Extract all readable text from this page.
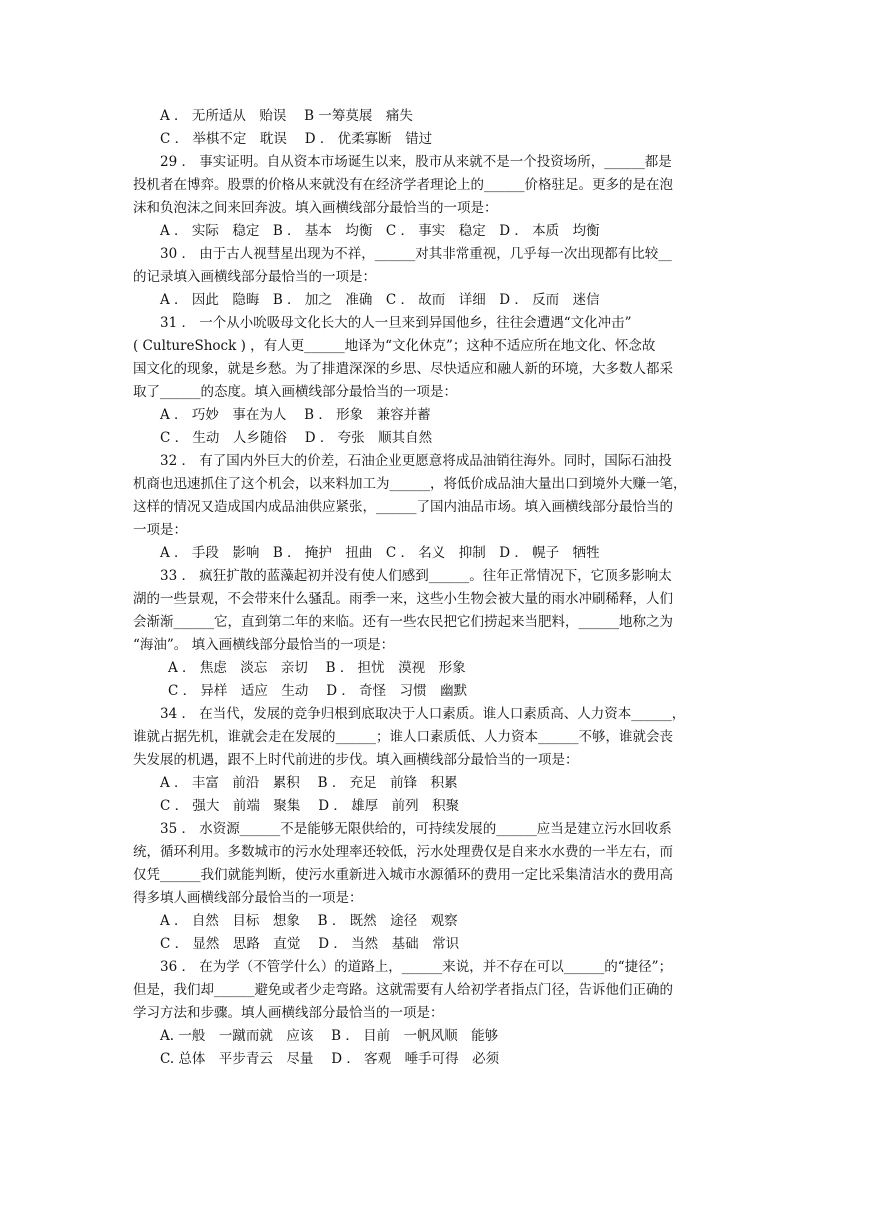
A ． 无所适从　贻误　 B 一筹莫展　痛失
C ． 举棋不定　耽误　 D ． 优柔寡断　错过
29 ． 事实证明。自从资本市场诞生以来，股市从来就不是一个投资场所，______都是
投机者在博弈。股票的价格从来就没有在经济学者理论上的______价格驻足。更多的是在泡
沫和负泡沫之间来回奔波。填入画横线部分最恰当的一项是：
A ． 实际　稳定　B ． 基本　均衡　C ． 事实　稳定　D ． 本质　均衡
30 ． 由于古人视彗星出现为不祥，______对其非常重视，几乎每一次出现都有比较__
的记录填入画横线部分最恰当的一项是：
A ． 因此　隐晦　B ． 加之　准确　C ． 故而　详细　D ． 反而　迷信
31 ． 一个从小吮吸母文化长大的人一旦来到异国他乡，往往会遭遇“文化冲击”
( CultureShock ) ，有人更______地译为“文化休克”；这种不适应所在地文化、怀念故
国文化的现象，就是乡愁。为了排遣深深的乡思、尽快适应和融人新的环境，大多数人都采
取了______的态度。填入画横线部分最恰当的一项是：
A ． 巧妙　事在为人　 B ． 形象　兼容并蓄
C ． 生动　人乡随俗　 D ． 夸张　顺其自然
32 ． 有了国内外巨大的价差，石油企业更愿意将成品油销往海外。同时，国际石油投
机商也迅速抓住了这个机会，以来料加工为______，将低价成品油大量出口到境外大赚一笔，
这样的情况又造成国内成品油供应紧张，______了国内油品市场。填入画横线部分最恰当的
一项是：
A ． 手段　影响　B ． 掩护　扭曲　C ． 名义　抑制　D ． 幌子　牺牲
33 ． 疯狂扩散的蓝藻起初并没有使人们感到______。往年正常情况下，它顶多影响太
湖的一些景观，不会带来什么骚乱。雨季一来，这些小生物会被大量的雨水冲刷稀释，人们
会渐渐______它，直到第二年的来临。还有一些农民把它们捞起来当肥料，______地称之为
“海油”。 填入画横线部分最恰当的一项是：
A ． 焦虑　淡忘　亲切　 B ． 担忧　漠视　形象
C ． 异样　适应　生动　 D ． 奇怪　习惯　幽默
34 ． 在当代，发展的竞争归根到底取决于人口素质。谁人口素质高、人力资本______，
谁就占据先机，谁就会走在发展的______；谁人口素质低、人力资本______不够，谁就会丧
失发展的机遇，跟不上时代前进的步伐。填入画横线部分最恰当的一项是：
A ． 丰富　前沿　累积　 B ． 充足　前锋　积累
C ． 强大　前端　聚集　 D ． 雄厚　前列　积聚
35 ． 水资源______不是能够无限供给的，可持续发展的______应当是建立污水回收系
统，循环利用。多数城市的污水处理率还较低，污水处理费仅是自来水水费的一半左右，而
仅凭______我们就能判断，使污水重新进入城市水源循环的费用一定比采集清洁水的费用高
得多填人画横线部分最恰当的一项是：
A ． 自然　目标　想象　 B ． 既然　途径　观察
C ． 显然　思路　直觉　 D ． 当然　基础　常识
36 ． 在为学（不管学什么）的道路上，______来说，并不存在可以______的“捷径”；
但是，我们却______避免或者少走弯路。这就需要有人给初学者指点门径，告诉他们正确的
学习方法和步骤。填人画横线部分最恰当的一项是：
A. 一般　一蹴而就　应该　 B ． 目前　一帆风顺　能够
C. 总体　平步青云　尽量　 D ． 客观　唾手可得　必须
